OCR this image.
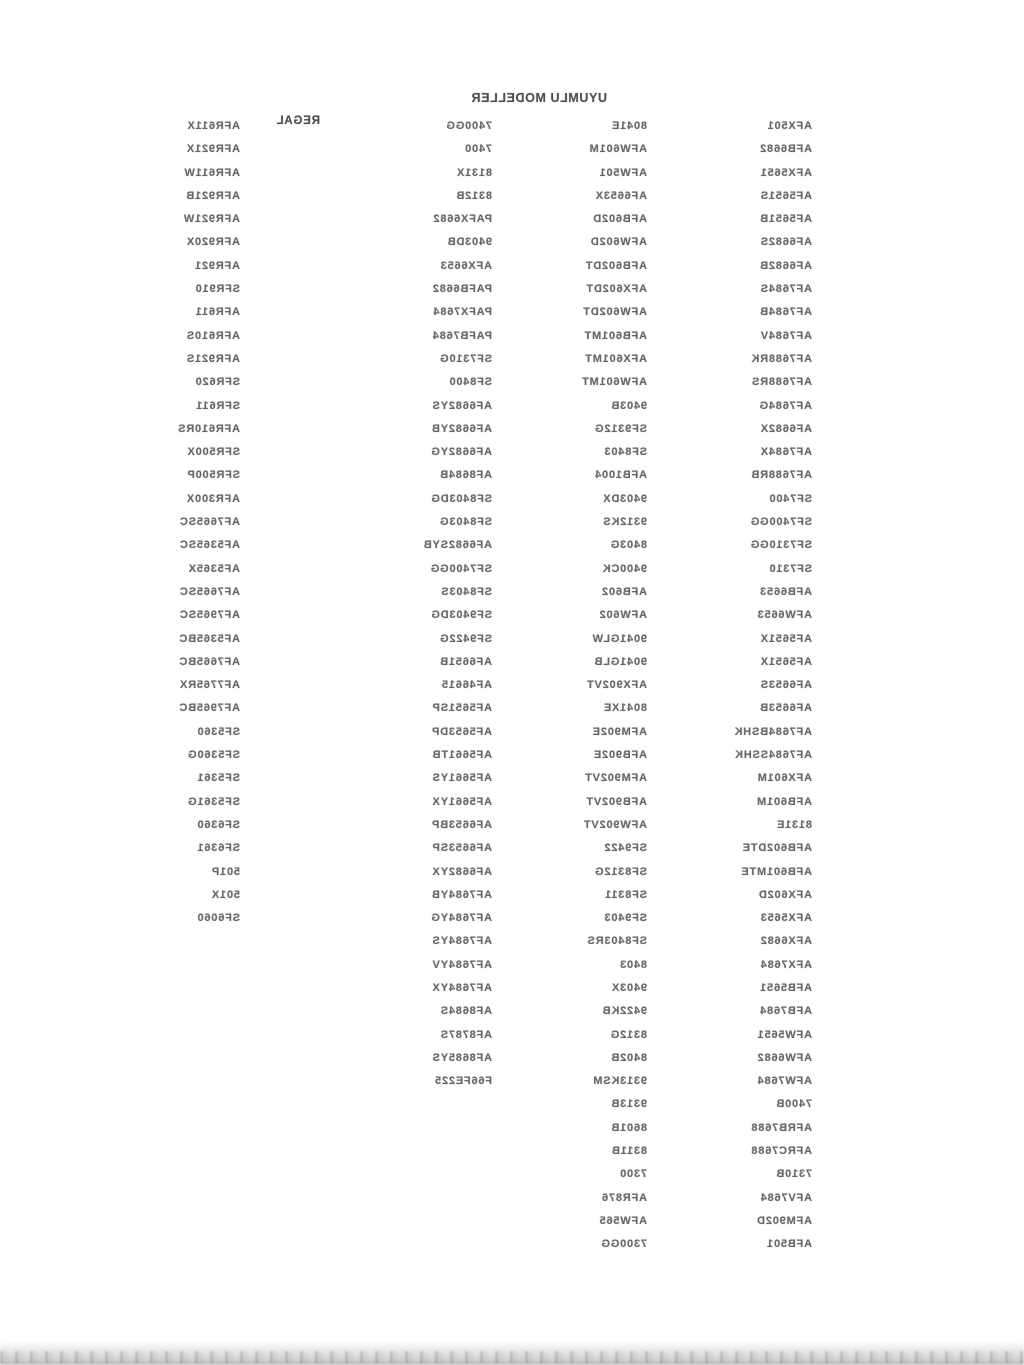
UYUMLU MODELLER
REGAL	AFX501
AFB6682
AFX5651
AF5651S
AF5651B
AF6682S
AF6682B
AF7684S
AF7684B
AF7684V
AF7688RK
AF7688RS
AF7684G
AF6682X
AF7684X
AF7688RB
SF7400
SF7400GG
SF7310GG
SF7310
AFB6653
AFW6653
AF5651X
AF5651X
AF6653S
AF6653B
AF7684BSHK
AF7684SSHK
AFX601M
AFB601M
8131E
AFB602DTE
AFB601MTE
AFX602D
AFX5653
AFX6682
AFX7684
AFB5651
AFB7684
AFW5651
AFW6682
AFW7684
7400B
AFRB7688
AFRC7688
7310B
AFV7684
AFM902D
AFB501
8041E
AFW601M
AFW501
AF6653X
AFB602D
AFW602D
AFB602DT
AFX602DT
AFW602DT
AFB601MT
AFX601MT
AFW601MT
9403B
SF9312G
SF8403
AFB1004
9403DX
9312KS
8403G
9400CK
AFB602
AFW602
9041GLW
9041GLB
AFX902VT
8041XE
AFM902E
AFB902E
AFM902VT
AFB902VT
AFW902VT
SF9422
SF8312G
SF8311
SF9403
SF8403RS
8403
9403X
9422KB
8312G
8402B
9313KSM
9313B
8601B
8311B
7300
AFR876
AFW565
7300GG
7400GG
7400
8131X
8312B
PAFX6682
9403DB
AFX6653
PAFB6682
PAFX7684
PAFB7684
SF7310G
SF8400
AF6682YS
AF6682YB
AF6682YG
AF8684B
SF8403DG
SF8403G
AF6682SYB
SF7400GG
SF8403S
SF9403DG
SF9422G
AF6651B
AF46615
AF5651SP
AF5653DP
AF5661TB
AF5661YS
AF5661YX
AF6653BP
AF6653SP
AF6682YX
AF7684YB
AF7684YG
AF7684YS
AF7684YV
AF7684YX
AF8684S
AF8787S
AF8685YS
F66FE225
AFR611X
AFR921X
AFR611W
AFR921B
AFR921W
AFR920X
AFR921
SFR910
AFR611
AFR610S
AFR921S
SFR620
SFR611
AFR610RS
SFR500X
SFR500P
AFR300X
AF7665SC
AF5365SC
AF5365X
AF7665SC
AF7965SC
AF5365BC
AF7665BC
AF7765RX
AF7965BC
SF5360
SF5360G
SF5361
SF5361G
SF6360
SF6361
501P
501X
SF6060
